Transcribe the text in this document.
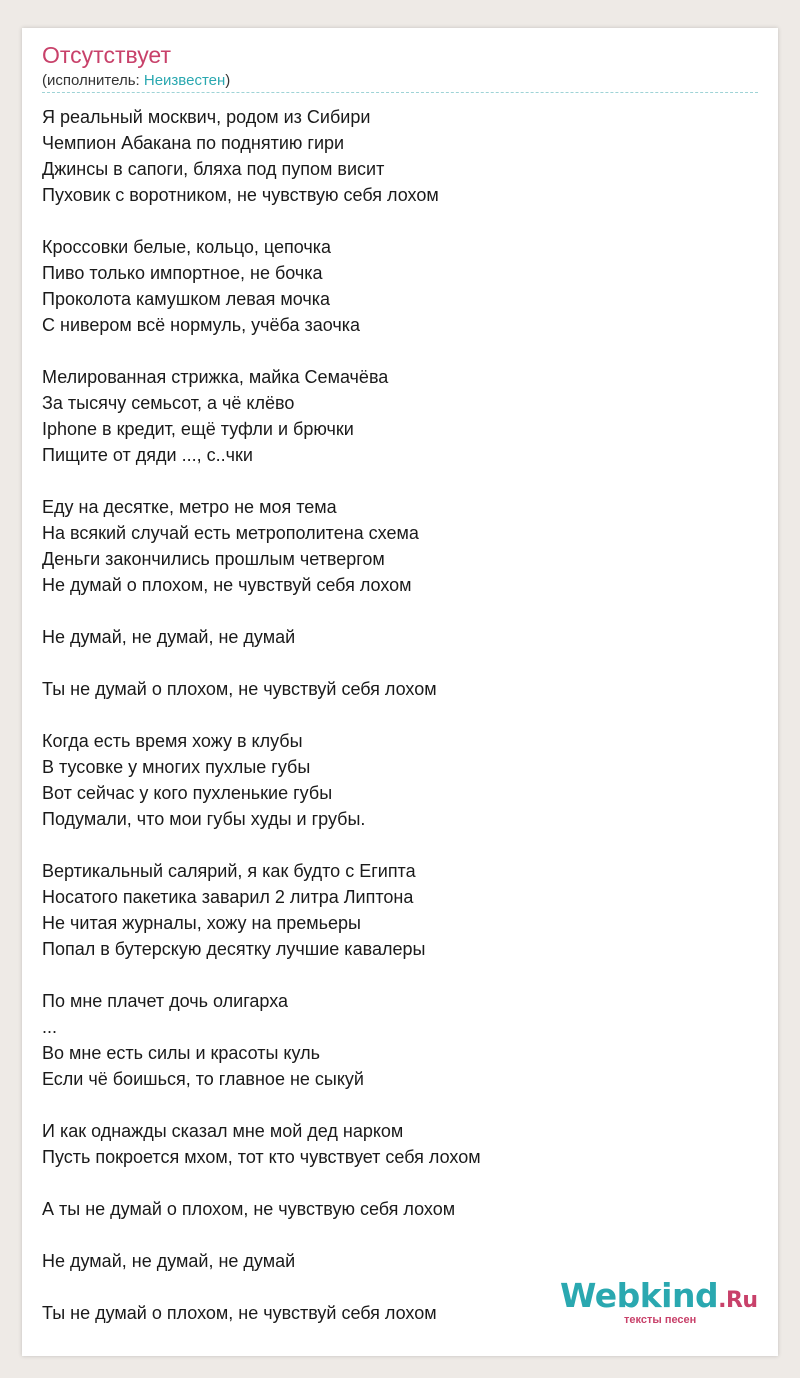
Отсутствует
(исполнитель: Неизвестен)
Я реальный москвич, родом из Сибири
Чемпион Абакана по поднятию гири
Джинсы в сапоги, бляха под пупом висит
Пуховик с воротником, не чувствую себя лохом
Кроссовки белые, кольцо, цепочка
Пиво только импортное, не бочка
Проколота камушком левая мочка
С нивером всё нормуль, учёба заочка
Мелированная стрижка, майка Семачёва
За тысячу семьсот, а чё клёво
Iphone в кредит, ещё туфли и брючки
Пищите от дяди ..., с..чки
Еду на десятке, метро не моя тема
На всякий случай есть метрополитена схема
Деньги закончились прошлым четвергом
Не думай о плохом, не чувствуй себя лохом
Не думай, не думай, не думай
Ты не думай о плохом, не чувствуй себя лохом
Когда есть время хожу в клубы
В тусовке у многих пухлые губы
Вот сейчас у кого пухленькие губы
Подумали, что мои губы худы и грубы.
Вертикальный салярий, я как будто с Египта
Носатого пакетика заварил 2 литра Липтона
Не читая журналы, хожу на премьеры
Попал в бутерскую десятку лучшие кавалеры
По мне плачет дочь олигарха
...
Во мне есть силы и красоты куль
Если чё боишься, то главное не сыкуй
И как однажды сказал мне мой дед нарком
Пусть покроется мхом, тот кто чувствует себя лохом
А ты не думай о плохом, не чувствую себя лохом
Не думай, не думай, не думай
Ты не думай о плохом, не чувствуй себя лохом	Webkind.Ru
тексты песен
